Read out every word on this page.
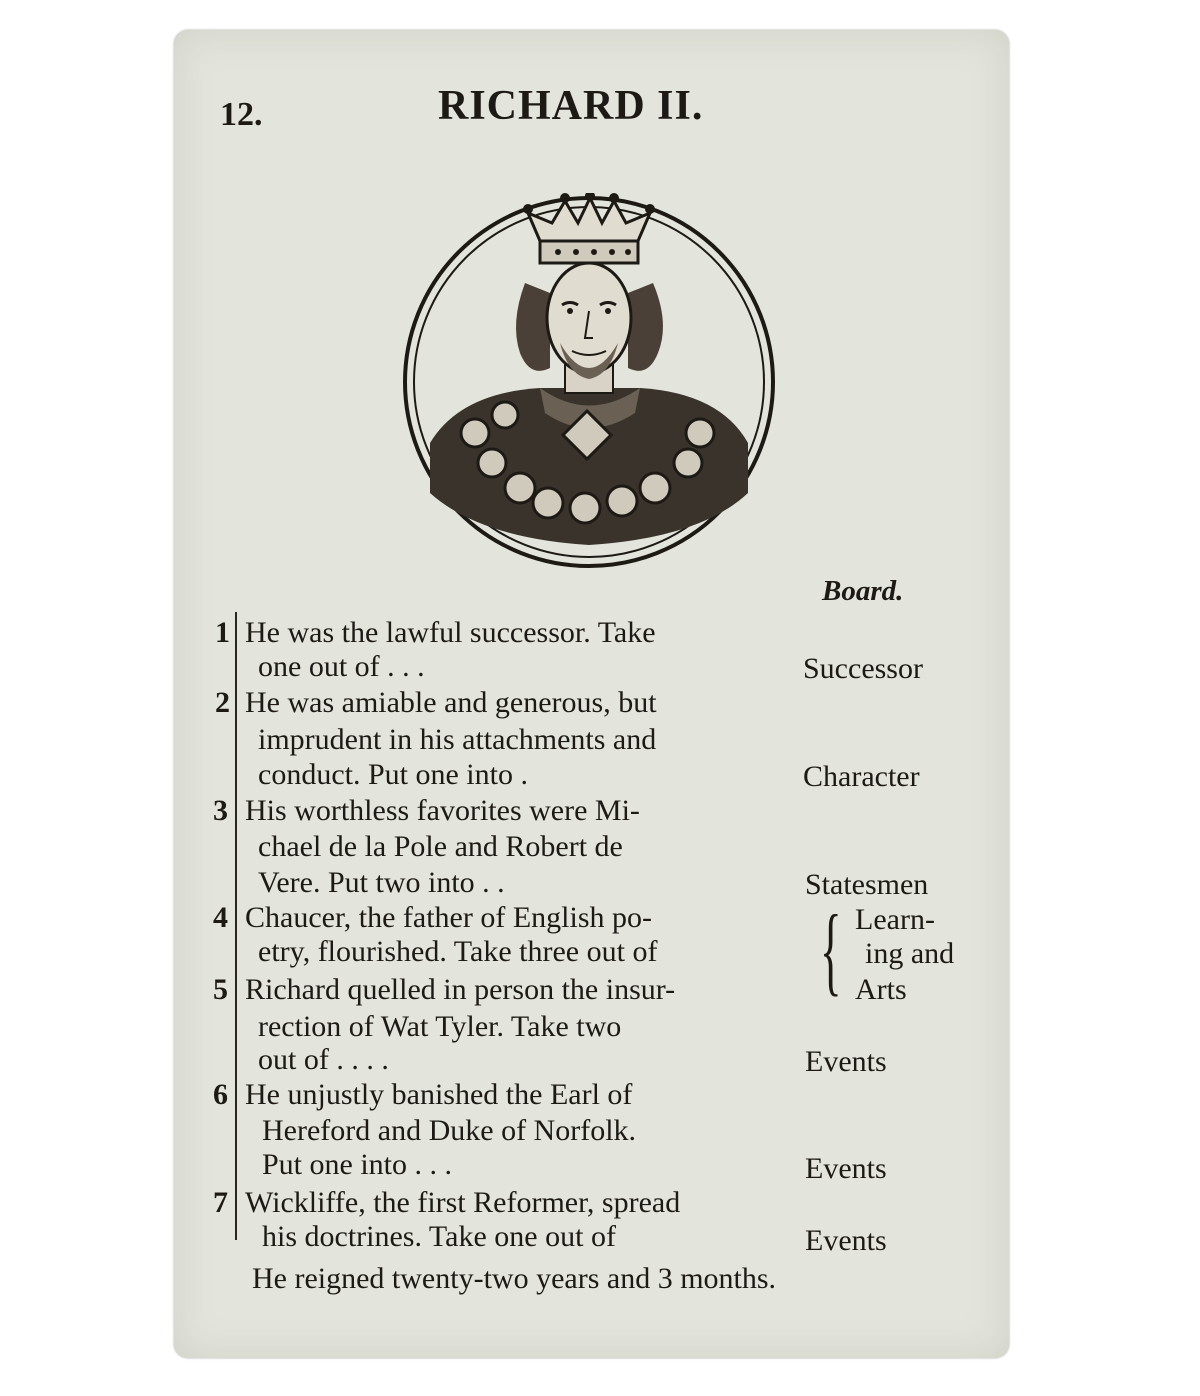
12.	RICHARD II.
Board.
He was the lawful successor. Take
one out of . . .
He was amiable and generous, but
imprudent in his attachments and
conduct. Put one into .
His worthless favorites were Mi-
chael de la Pole and Robert de
Vere. Put two into . .
Chaucer, the father of English po-
etry, flourished. Take three out of
Richard quelled in person the insur-
rection of Wat Tyler. Take two
out of . . . .
He unjustly banished the Earl of
Hereford and Duke of Norfolk.
Put one into . . .
Wickliffe, the first Reformer, spread
his doctrines. Take one out of
1
2
3
4
5
6
7
Successor
Character
Statesmen
{ Learn-
ing and
Arts
Events
Events
Events
He reigned twenty-two years and 3 months.
